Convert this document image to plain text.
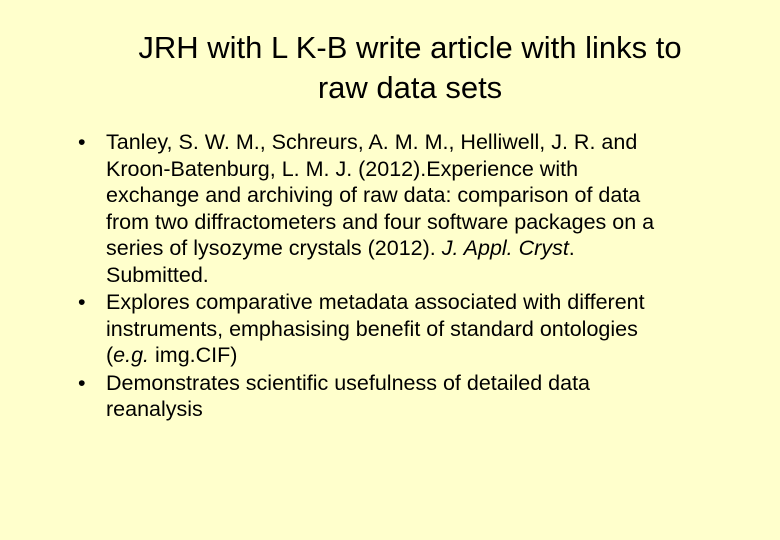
JRH with L K-B write article with links to
raw data sets
• Tanley, S. W. M., Schreurs, A. M. M., Helliwell, J. R. and
Kroon-Batenburg, L. M. J. (2012).Experience with
exchange and archiving of raw data: comparison of data
from two diffractometers and four software packages on a
series of lysozyme crystals (2012). J. Appl. Cryst.
Submitted.
• Explores comparative metadata associated with different
instruments, emphasising benefit of standard ontologies
(e.g. img.CIF)
• Demonstrates scientific usefulness of detailed data
reanalysis
